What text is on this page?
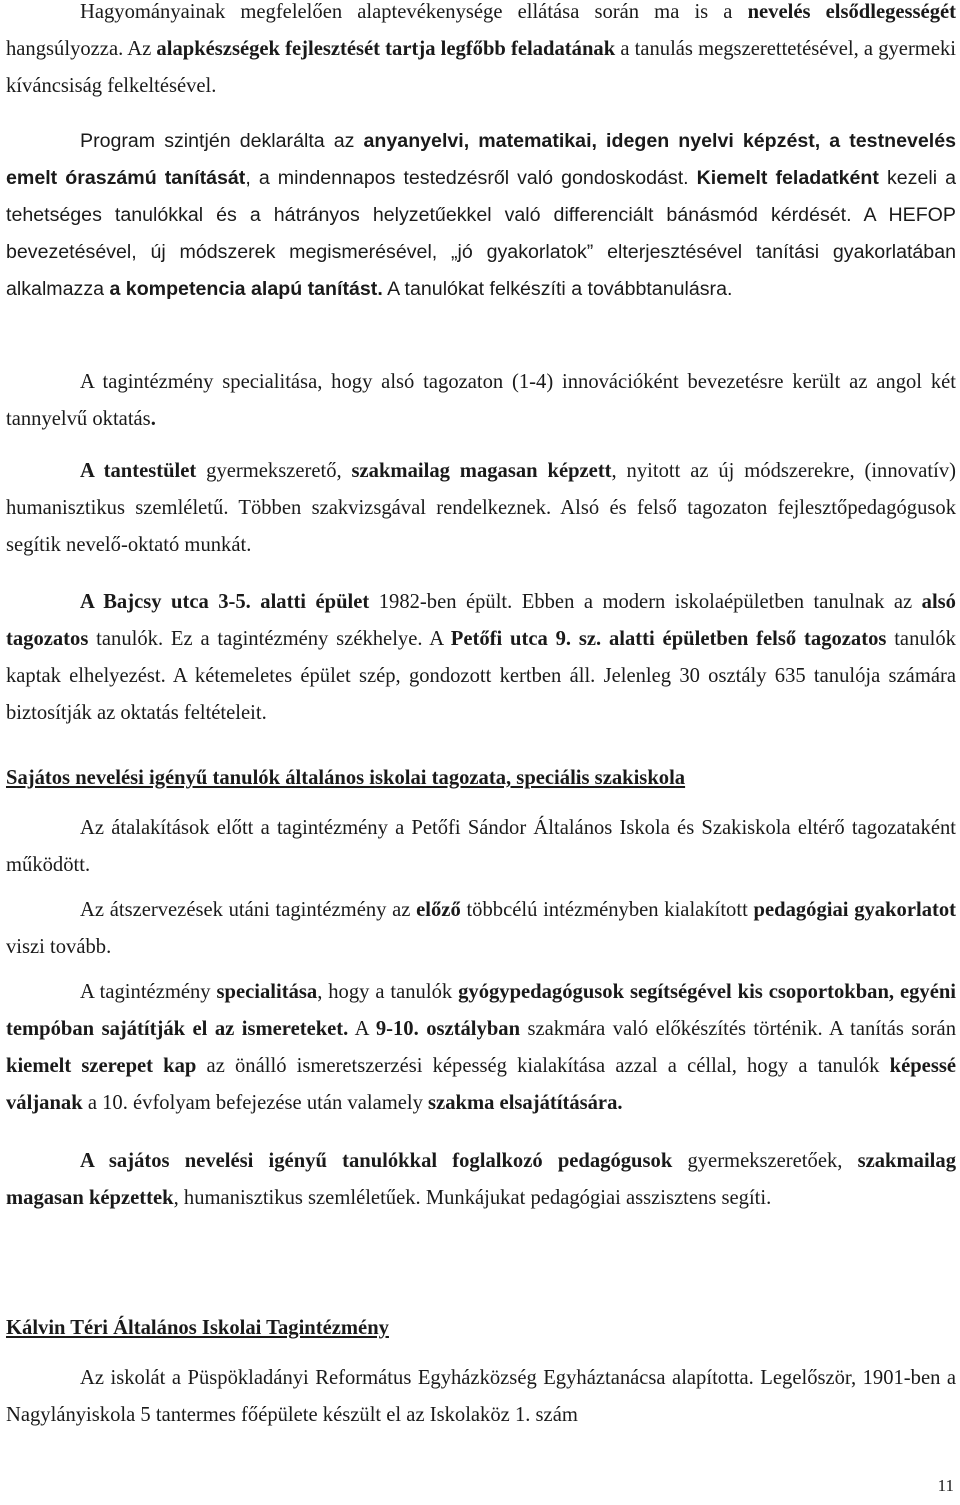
Hagyományainak megfelelően alaptevékenysége ellátása során ma is a nevelés elsődlegességét hangsúlyozza. Az alapkészségek fejlesztését tartja legfőbb feladatának a tanulás megszerettetésével, a gyermeki kíváncsiság felkeltésével.

Program szintjén deklarálta az anyanyelvi, matematikai, idegen nyelvi képzést, a testnevelés emelt óraszámú tanítását, a mindennapos testedzésről való gondoskodást. Kiemelt feladatként kezeli a tehetséges tanulókkal és a hátrányos helyzetűekkel való differenciált bánásmód kérdését. A HEFOP bevezetésével, új módszerek megismerésével, „jó gyakorlatok” elterjesztésével tanítási gyakorlatában alkalmazza a kompetencia alapú tanítást. A tanulókat felkészíti a továbbtanulásra.

A tagintézmény specialitása, hogy alsó tagozaton (1-4) innovációként bevezetésre került az angol két tannyelvű oktatás.

A tantestület gyermekszerető, szakmailag magasan képzett, nyitott az új módszerekre, (innovatív) humanisztikus szemléletű. Többen szakvizsgával rendelkeznek. Alsó és felső tagozaton fejlesztőpedagógusok segítik nevelő-oktató munkát.

A Bajcsy utca 3-5. alatti épület 1982-ben épült. Ebben a modern iskolaépületben tanulnak az alsó tagozatos tanulók. Ez a tagintézmény székhelye. A Petőfi utca 9. sz. alatti épületben felső tagozatos tanulók kaptak elhelyezést. A kétemeletes épület szép, gondozott kertben áll. Jelenleg 30 osztály 635 tanulója számára biztosítják az oktatás feltételeit.

Sajátos nevelési igényű tanulók általános iskolai tagozata, speciális szakiskola

Az átalakítások előtt a tagintézmény a Petőfi Sándor Általános Iskola és Szakiskola eltérő tagozataként működött.

Az átszervezések utáni tagintézmény az előző többcélú intézményben kialakított pedagógiai gyakorlatot viszi tovább.

A tagintézmény specialitása, hogy a tanulók gyógypedagógusok segítségével kis csoportokban, egyéni tempóban sajátítják el az ismereteket. A 9-10. osztályban szakmára való előkészítés történik. A tanítás során kiemelt szerepet kap az önálló ismeretszerzési képesség kialakítása azzal a céllal, hogy a tanulók képessé váljanak a 10. évfolyam befejezése után valamely szakma elsajátítására.

A sajátos nevelési igényű tanulókkal foglalkozó pedagógusok gyermekszeretőek, szakmailag magasan képzettek, humanisztikus szemléletűek. Munkájukat pedagógiai asszisztens segíti.

Kálvin Téri Általános Iskolai Tagintézmény

Az iskolát a Püspökladányi Református Egyházközség Egyháztanácsa alapította. Legelőször, 1901-ben a Nagylányiskola 5 tantermes főépülete készült el az Iskolaköz 1. szám

11
